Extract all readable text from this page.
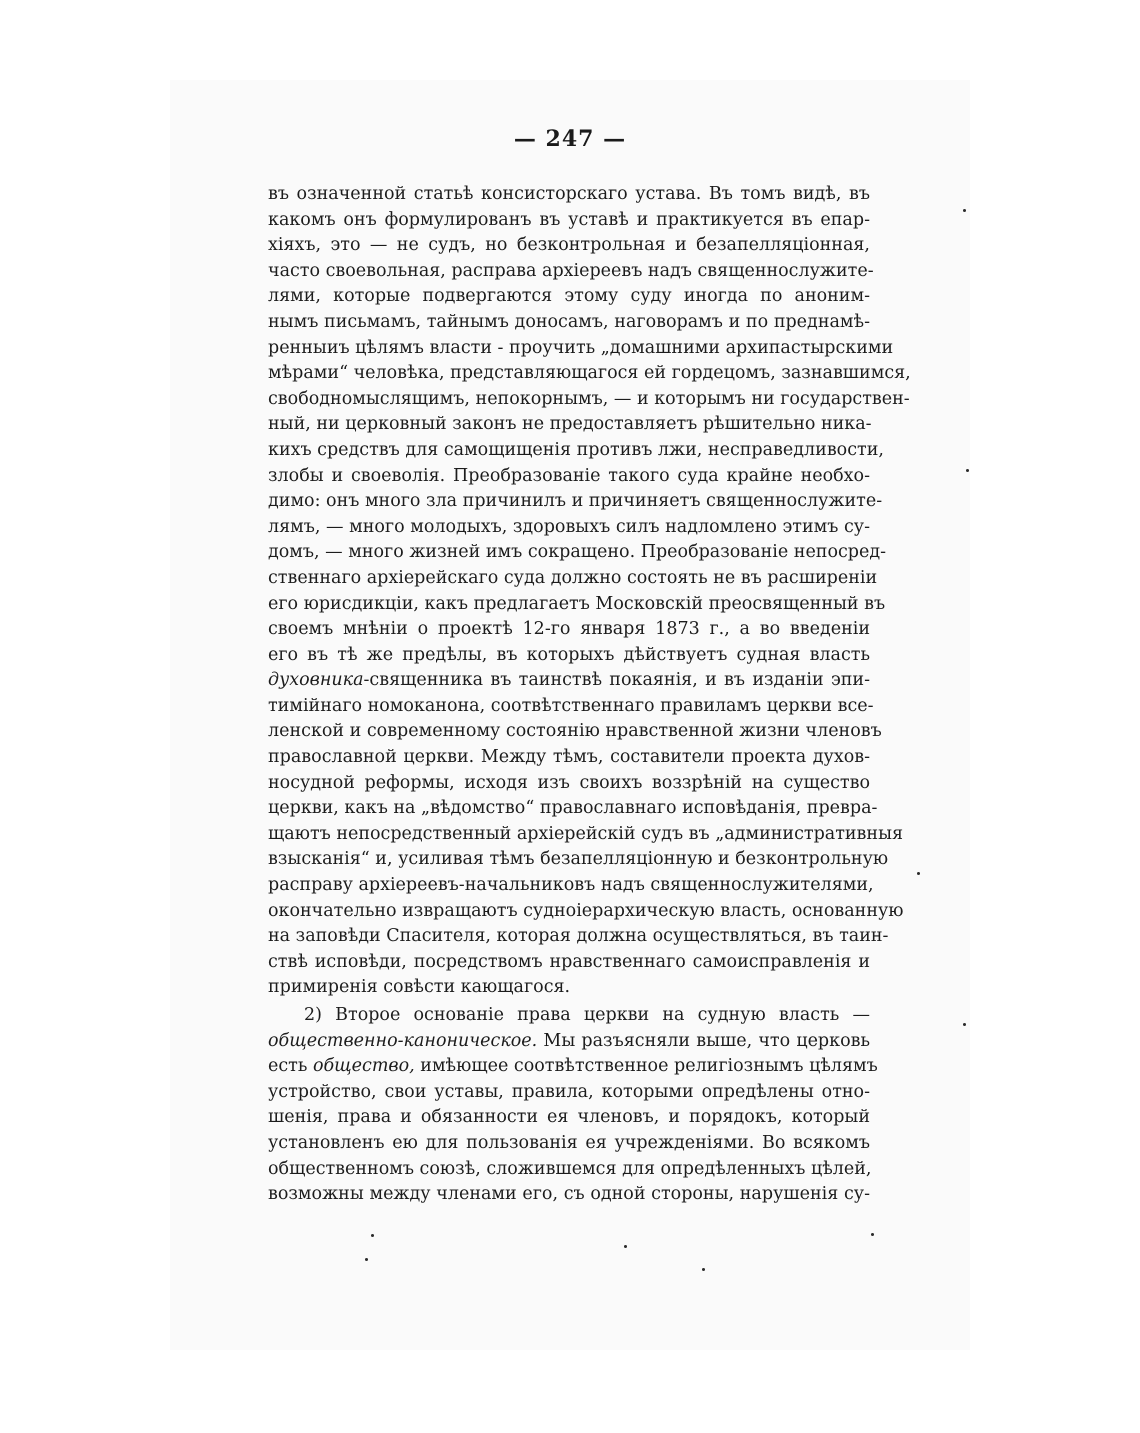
— 247 —
въ означенной статьѣ консисторскаго устава. Въ томъ видѣ, въ
какомъ онъ формулированъ въ уставѣ и практикуется въ епар-
хіяхъ, это — не судъ, но безконтрольная и безапелляціонная,
часто своевольная, расправа архіереевъ надъ священнослужите-
лями, которые подвергаются этому суду иногда по аноним-
нымъ письмамъ, тайнымъ доносамъ, наговорамъ и по преднамѣ-
ренныиъ цѣлямъ власти - проучить „домашними архипастырскими
мѣрами“ человѣка, представляющагося ей гордецомъ, зазнавшимся,
свободномыслящимъ, непокорнымъ, — и которымъ ни государствен-
ный, ни церковный законъ не предоставляетъ рѣшительно ника-
кихъ средствъ для самощищенія противъ лжи, несправедливости,
злобы и своеволія. Преобразованіе такого суда крайне необхо-
димо: онъ много зла причинилъ и причиняетъ священнослужите-
лямъ, — много молодыхъ, здоровыхъ силъ надломлено этимъ су-
домъ, — много жизней имъ сокращено. Преобразованіе непосред-
ственнаго архіерейскаго суда должно состоять не въ расширеніи
его юрисдикціи, какъ предлагаетъ Московскій преосвященный въ
своемъ мнѣніи о проектѣ 12-го января 1873 г., а во введеніи
его въ тѣ же предѣлы, въ которыхъ дѣйствуетъ судная власть
духовника-священника въ таинствѣ покаянія, и въ изданіи эпи-
тимійнаго номоканона, соотвѣтственнаго правиламъ церкви все-
ленской и современному состоянію нравственной жизни членовъ
православной церкви. Между тѣмъ, составители проекта духов-
носудной реформы, исходя изъ своихъ воззрѣній на существо
церкви, какъ на „вѣдомство“ православнаго исповѣданія, превра-
щаютъ непосредственный архіерейскій судъ въ „административныя
взысканія“ и, усиливая тѣмъ безапелляціонную и безконтрольную
расправу архіереевъ-начальниковъ надъ священнослужителями,
окончательно извращаютъ судноіерархическую власть, основанную
на заповѣди Спасителя, которая должна осуществляться, въ таин-
ствѣ исповѣди, посредствомъ нравственнаго самоисправленія и
примиренія совѣсти кающагося.
2) Второе основаніе права церкви на судную власть —
общественно-каноническое. Мы разъясняли выше, что церковь
есть общество, имѣющее соотвѣтственное религіознымъ цѣлямъ
устройство, свои уставы, правила, которыми опредѣлены отно-
шенія, права и обязанности ея членовъ, и порядокъ, который
установленъ ею для пользованія ея учрежденіями. Во всякомъ
общественномъ союзѣ, сложившемся для опредѣленныхъ цѣлей,
возможны между членами его, съ одной стороны, нарушенія су-
